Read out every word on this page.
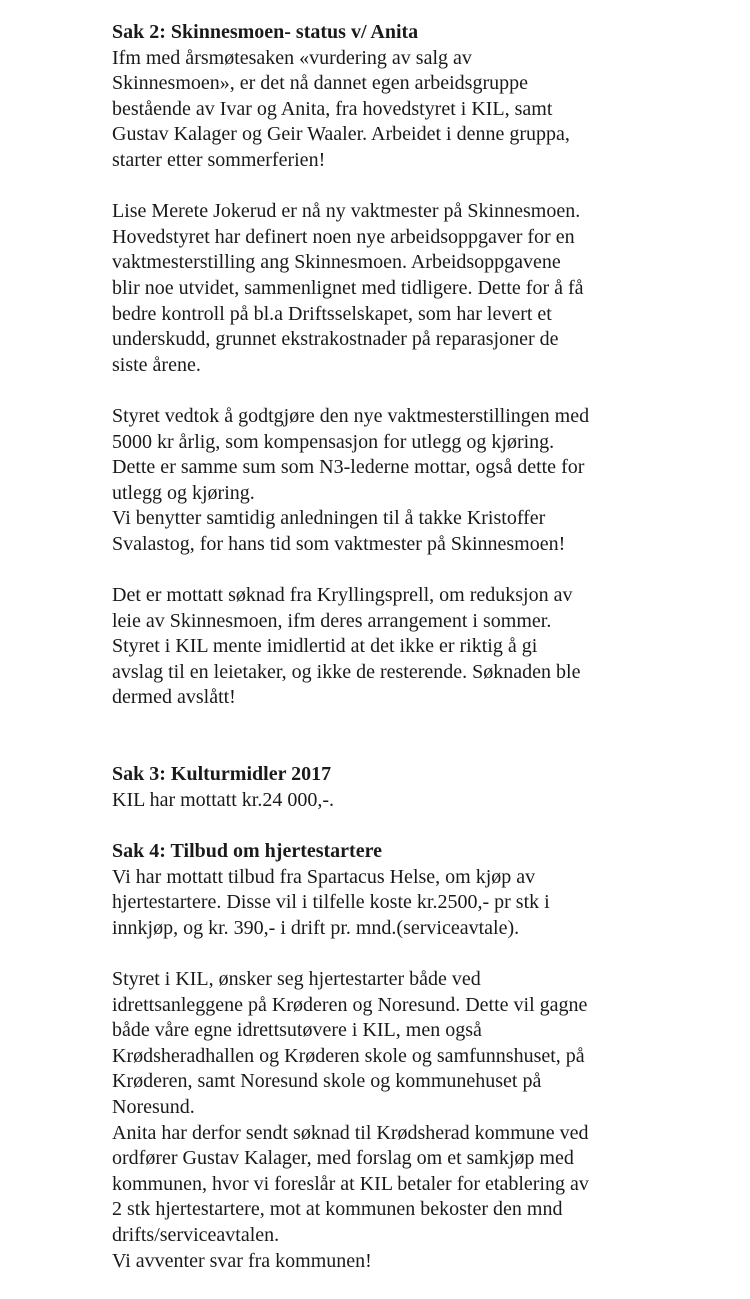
Sak 2: Skinnesmoen- status v/ Anita
Ifm med årsmøtesaken «vurdering av salg av
Skinnesmoen», er det nå dannet egen arbeidsgruppe
bestående av Ivar og Anita, fra hovedstyret i KIL, samt
Gustav Kalager og Geir Waaler. Arbeidet i denne gruppa,
starter etter sommerferien!
Lise Merete Jokerud er nå ny vaktmester på Skinnesmoen.
Hovedstyret har definert noen nye arbeidsoppgaver for en
vaktmesterstilling ang Skinnesmoen. Arbeidsoppgavene
blir noe utvidet, sammenlignet med tidligere. Dette for å få
bedre kontroll på bl.a Driftsselskapet, som har levert et
underskudd, grunnet ekstrakostnader på reparasjoner de
siste årene.
Styret vedtok å godtgjøre den nye vaktmesterstillingen med
5000 kr årlig, som kompensasjon for utlegg og kjøring.
Dette er samme sum som N3-lederne mottar, også dette for
utlegg og kjøring.
Vi benytter samtidig anledningen til å takke Kristoffer
Svalastog, for hans tid som vaktmester på Skinnesmoen!
Det er mottatt søknad fra Kryllingsprell, om reduksjon av
leie av Skinnesmoen, ifm deres arrangement i sommer.
Styret i KIL mente imidlertid at det ikke er riktig å gi
avslag til en leietaker, og ikke de resterende. Søknaden ble
dermed avslått!
Sak 3: Kulturmidler 2017
KIL har mottatt kr.24 000,-.
Sak 4: Tilbud om hjertestartere
Vi har mottatt tilbud fra Spartacus Helse, om kjøp av
hjertestartere. Disse vil i tilfelle koste kr.2500,- pr stk i
innkjøp, og kr. 390,- i drift pr. mnd.(serviceavtale).
Styret i KIL, ønsker seg hjertestarter både ved
idrettsanleggene på Krøderen og Noresund. Dette vil gagne
både våre egne idrettsutøvere i KIL, men også
Krødsheradhallen og Krøderen skole og samfunnshuset, på
Krøderen, samt Noresund skole og kommunehuset på
Noresund.
Anita har derfor sendt søknad til Krødsherad kommune ved
ordfører Gustav Kalager, med forslag om et samkjøp med
kommunen, hvor vi foreslår at KIL betaler for etablering av
2 stk hjertestartere, mot at kommunen bekoster den mnd
drifts/serviceavtalen.
Vi avventer svar fra kommunen!
